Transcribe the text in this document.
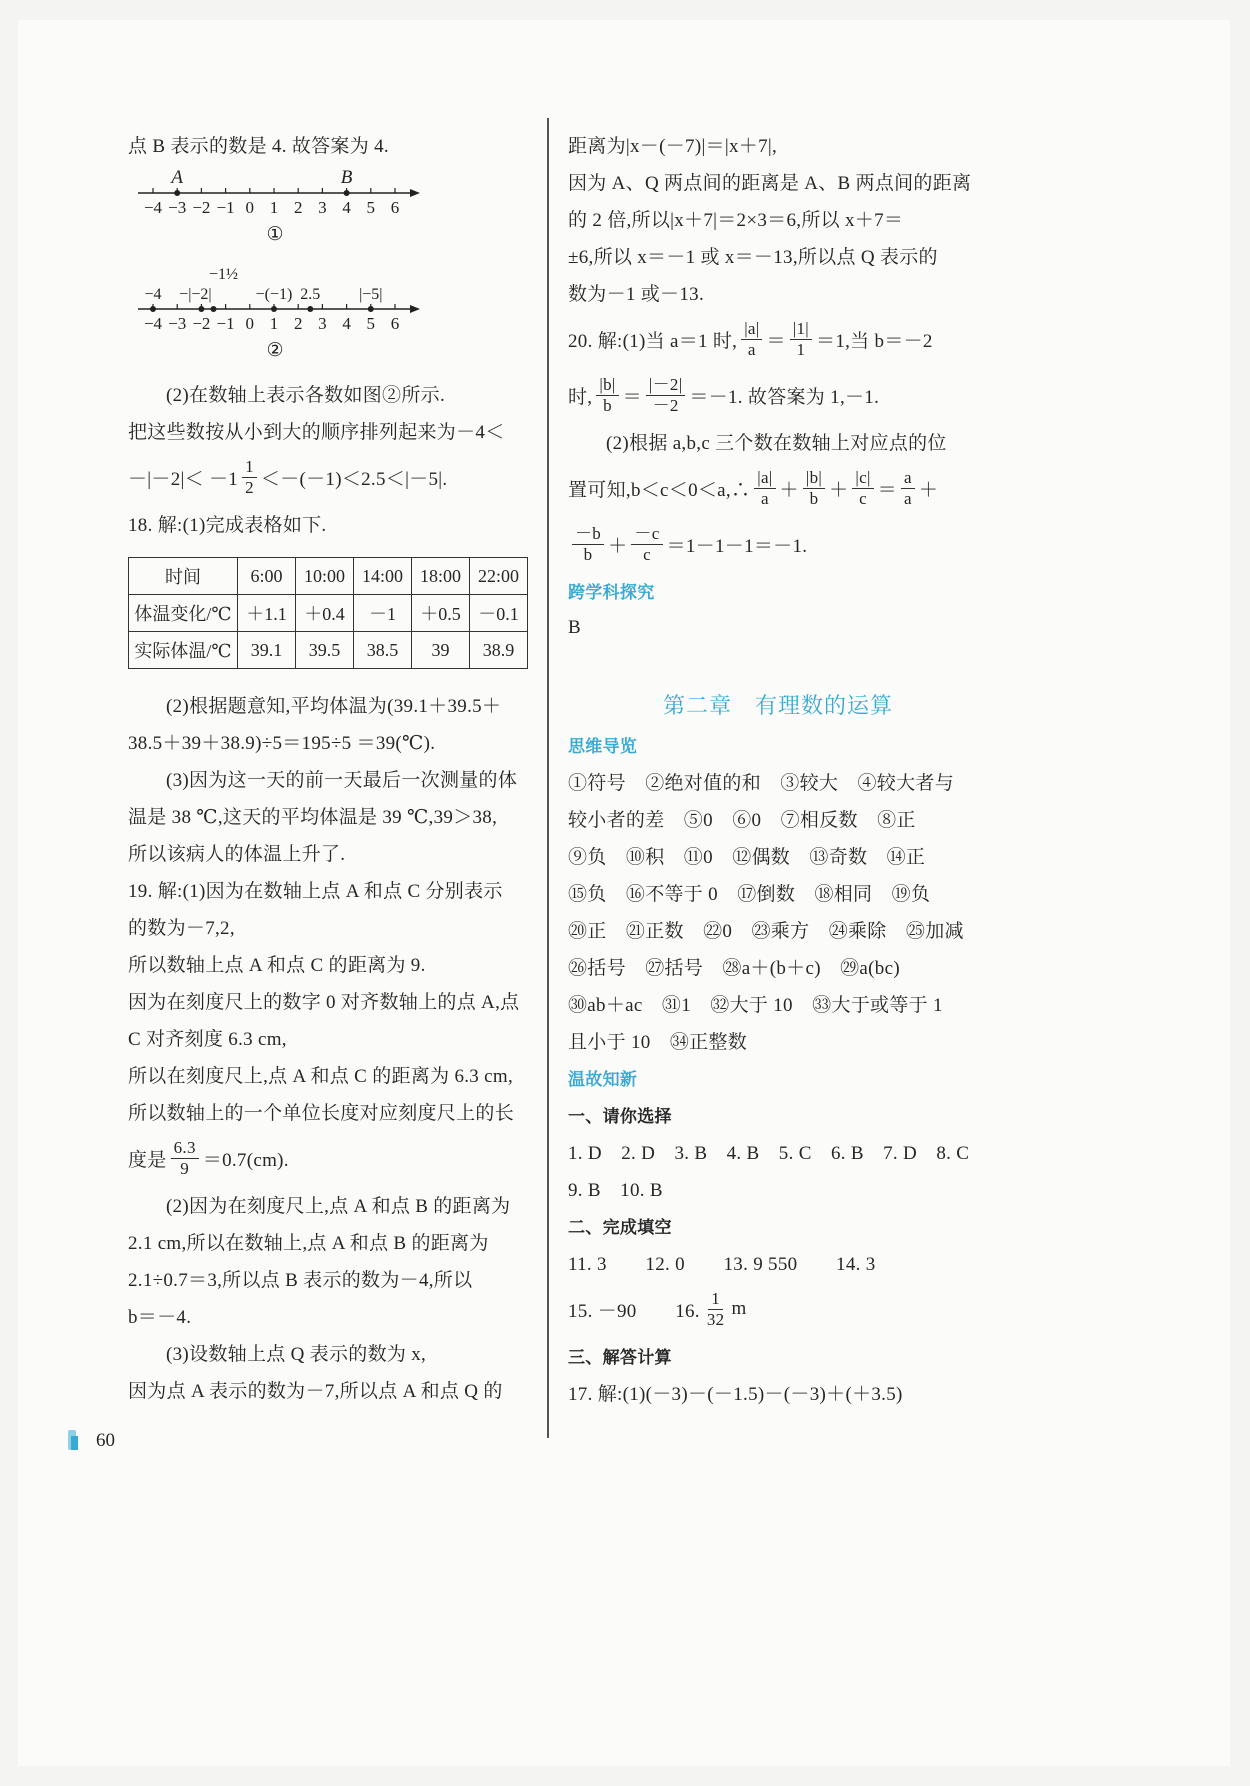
点 B 表示的数是 4. 故答案为 4.
−4 −3 −2 −1 0 1 2 3 4 5 6
A	B
①
−4 −3 −2 −1 0 1 2 3 4 5 6
−4 −|−2|
−1½
−(−1) 2.5 |−5|
②
(2)在数轴上表示各数如图②所示.
把这些数按从小到大的顺序排列起来为－4＜
$-|-2|< -1 \frac{1}{2} <-(-1)<2.5<|-5|$.
18. 解:(1)完成表格如下.
时间	6:00	10:00	14:00	18:00	22:00
体温变化/℃	＋1.1	＋0.4	－1	＋0.5	－0.1
实际体温/℃	39.1	39.5	38.5	39	38.9
(2)根据题意知,平均体温为(39.1＋39.5＋
38.5＋39＋38.9)÷5＝195÷5 ＝39(℃).
(3)因为这一天的前一天最后一次测量的体
温是 38 ℃,这天的平均体温是 39 ℃,39＞38,
所以该病人的体温上升了.
19. 解:(1)因为在数轴上点 A 和点 C 分别表示
的数为－7,2,
所以数轴上点 A 和点 C 的距离为 9.
因为在刻度尺上的数字 0 对齐数轴上的点 A,点
C 对齐刻度 6.3 cm,
所以在刻度尺上,点 A 和点 C 的距离为 6.3 cm,
所以数轴上的一个单位长度对应刻度尺上的长
度是 $\frac{6.3}{9} =0.7(cm)$.
(2)因为在刻度尺上,点 A 和点 B 的距离为
2.1 cm,所以在数轴上,点 A 和点 B 的距离为
2.1÷0.7＝3,所以点 B 表示的数为－4,所以
b＝－4.
(3)设数轴上点 Q 表示的数为 x,
因为点 A 表示的数为－7,所以点 A 和点 Q 的
距离为|x－(－7)|＝|x＋7|,
因为 A、Q 两点间的距离是 A、B 两点间的距离
的 2 倍,所以|x＋7|＝2×3＝6,所以 x＋7＝
±6,所以 x＝－1 或 x＝－13,所以点 Q 表示的
数为－1 或－13.
20. 解:(1)当 a＝1 时, $\frac{|a|}{a} = \frac{|1|}{1} =1$,当 b＝－2
时, $\frac{|b|}{b} = \frac{|-2|}{-2} =-1$. 故答案为 1,－1.
(2)根据 a,b,c 三个数在数轴上对应点的位
置可知,b＜c＜0＜a,∴ $\frac{|a|}{a} + \frac{|b|}{b} + \frac{|c|}{c} = \frac{a}{a}$ ＋
$\frac{-b}{b} + \frac{-c}{c} =1-1-1=-1$.
跨学科探究
B
第二章　有理数的运算
思维导览
①符号　②绝对值的和　③较大　④较大者与
较小者的差　⑤0　⑥0　⑦相反数　⑧正
⑨负　⑩积　⑪0　⑫偶数　⑬奇数　⑭正
⑮负　⑯不等于 0　⑰倒数　⑱相同　⑲负
⑳正　㉑正数　㉒0　㉓乘方　㉔乘除　㉕加减
㉖括号　㉗括号　㉘a＋(b＋c)　㉙a(bc)
㉚ab＋ac　㉛1　㉜大于 10　㉝大于或等于 1
且小于 10　㉞正整数
温故知新
一、请你选择
1. D　2. D　3. B　4. B　5. C　6. B　7. D　8. C
9. B　10. B
二、完成填空
11. 3　　12. 0　　13. 9 550　　14. 3
15. －90　　16. $\frac{1}{32}$ m
三、解答计算
17. 解:(1)(－3)－(－1.5)－(－3)＋(＋3.5)
60
